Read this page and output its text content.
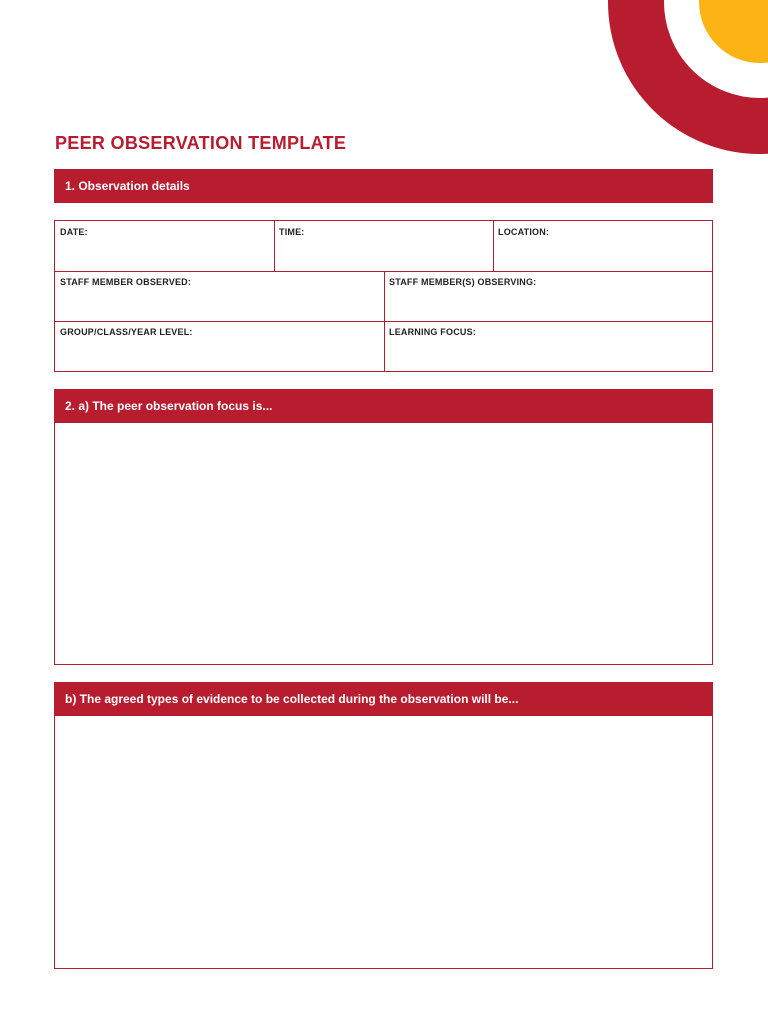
PEER OBSERVATION TEMPLATE
1. Observation details
DATE:	TIME:	LOCATION:
STAFF MEMBER OBSERVED:	STAFF MEMBER(S) OBSERVING:
GROUP/CLASS/YEAR LEVEL:	LEARNING FOCUS:
2. a) The peer observation focus is...
b) The agreed types of evidence to be collected during the observation will be...
